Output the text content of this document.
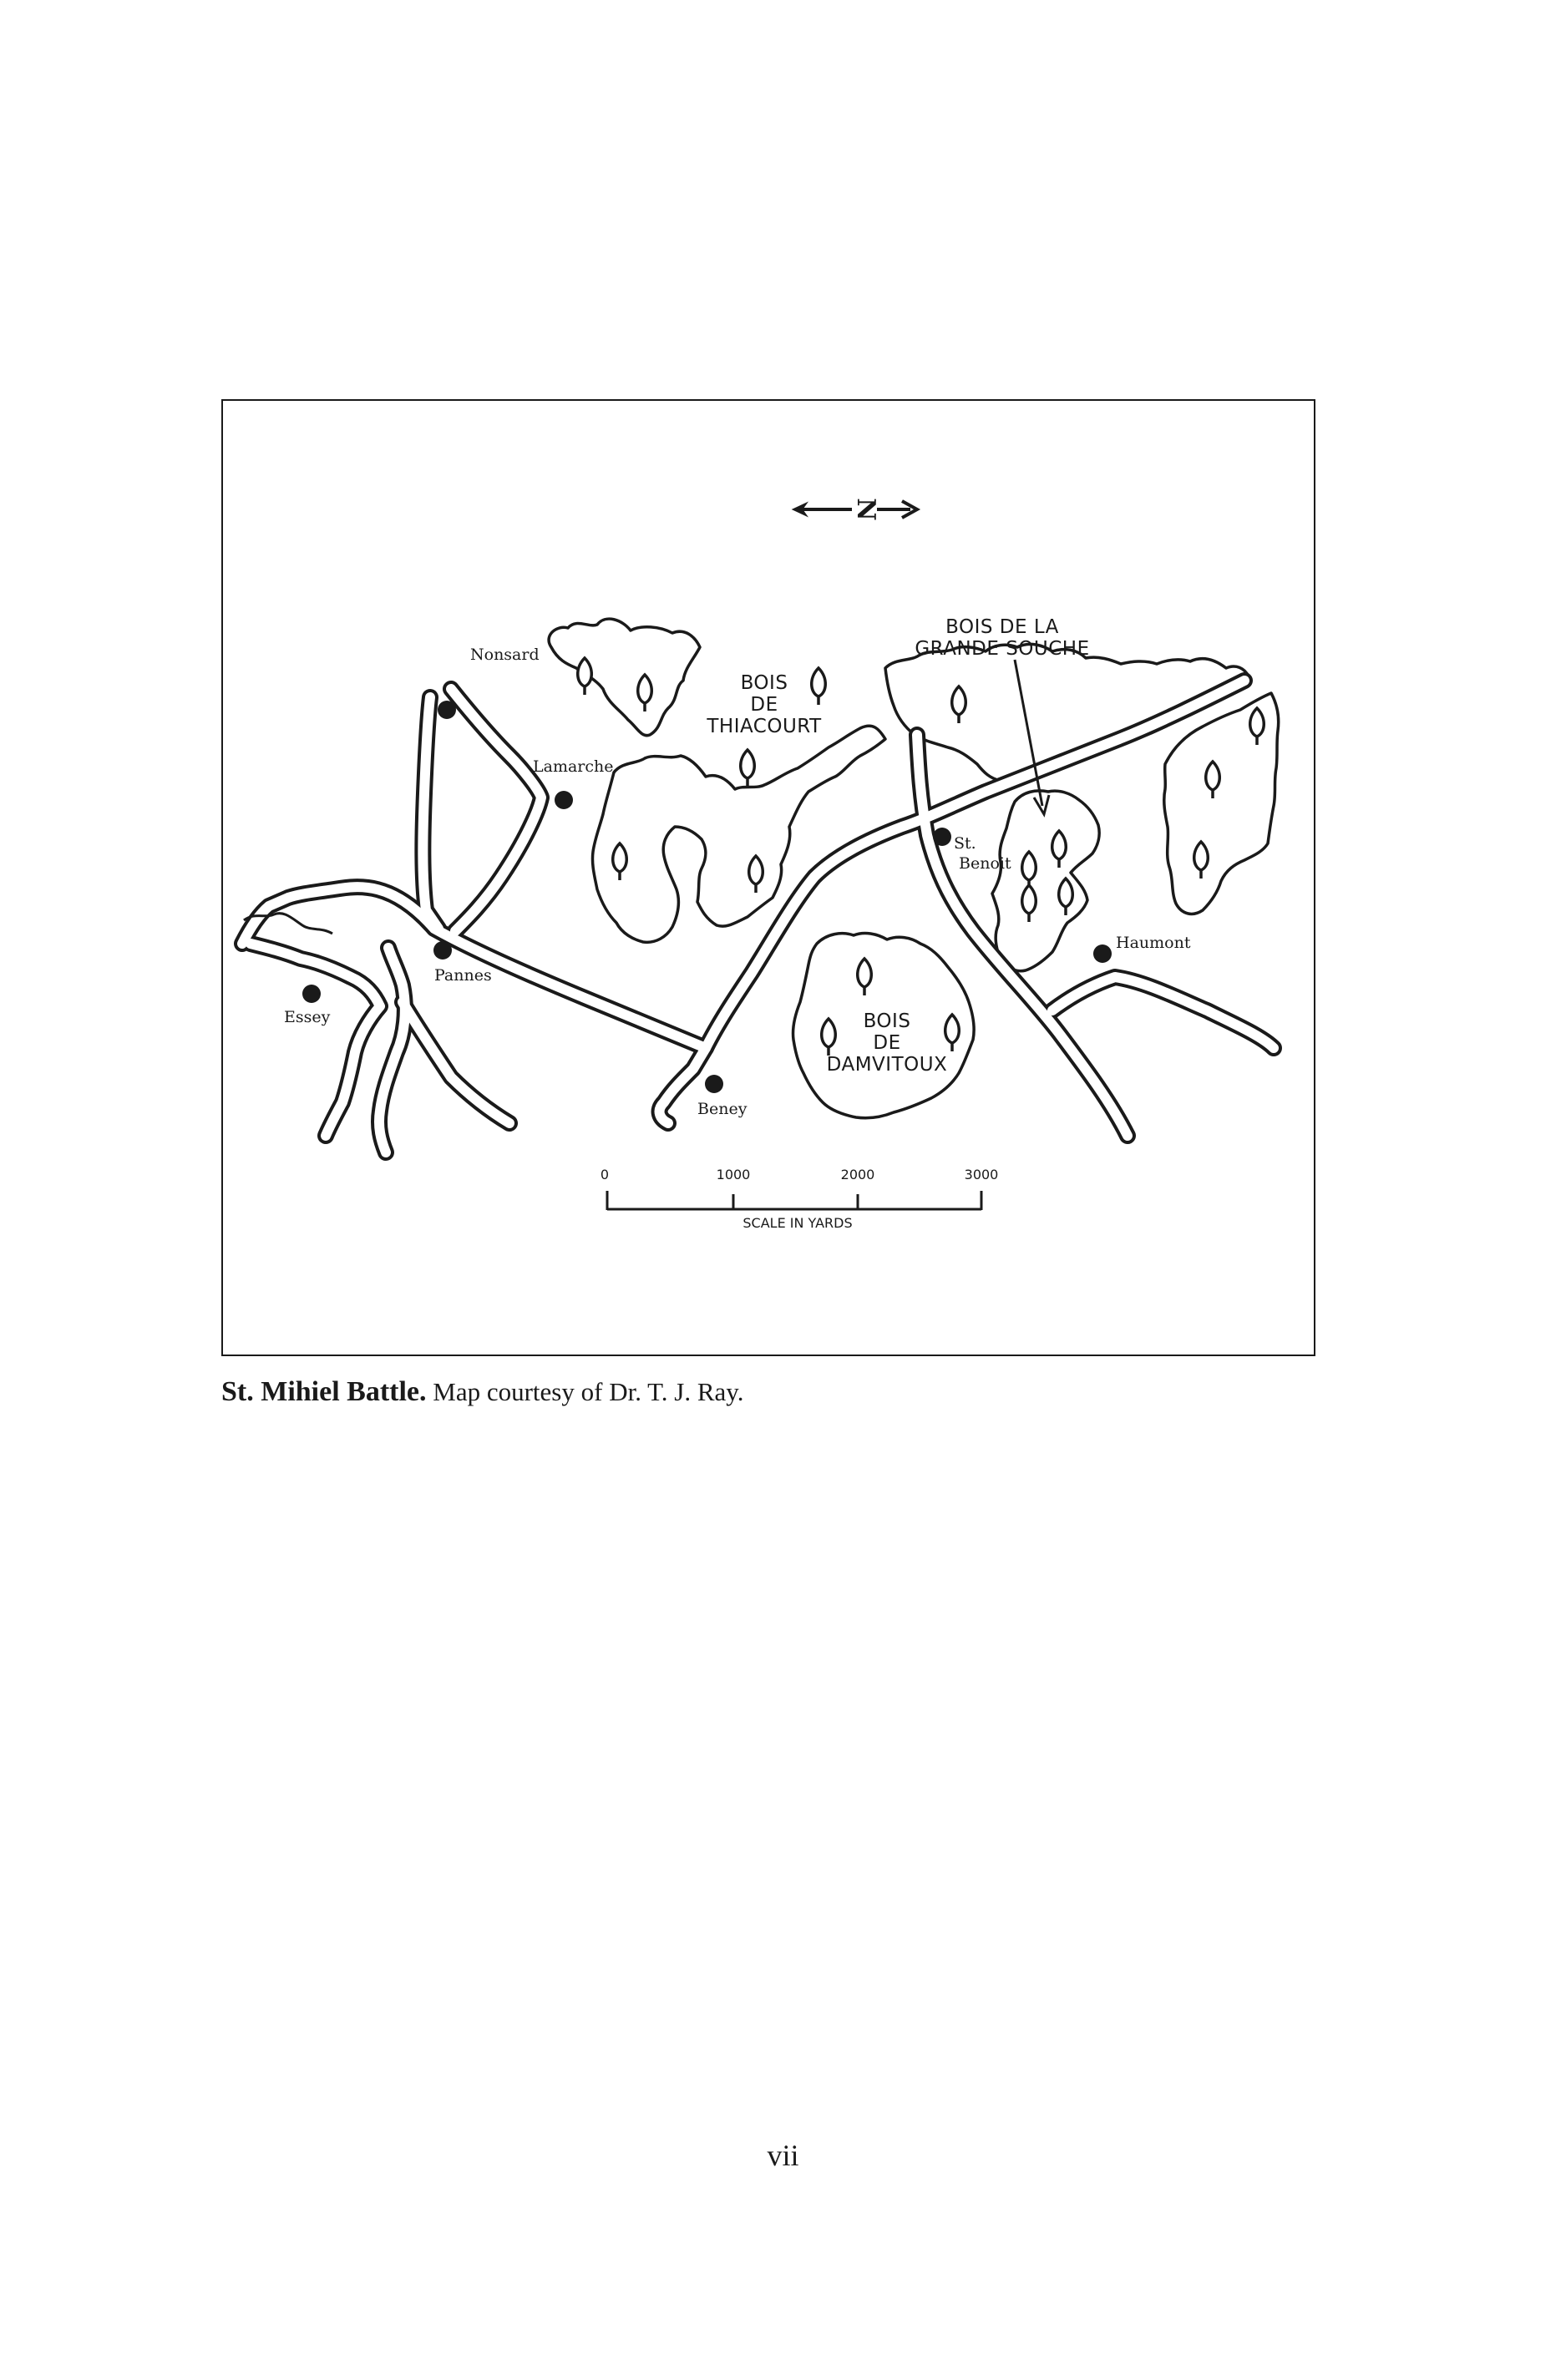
N
Nonsard
Lamarche
Pannes
Essey
Beney
St.
Benoit
Haumont
BOIS
DE
THIACOURT
BOIS DE LA
GRANDE SOUCHE
BOIS
DE
DAMVITOUX
0	1000	2000	3000
SCALE IN YARDS
St. Mihiel Battle. Map courtesy of Dr. T. J. Ray.
vii
